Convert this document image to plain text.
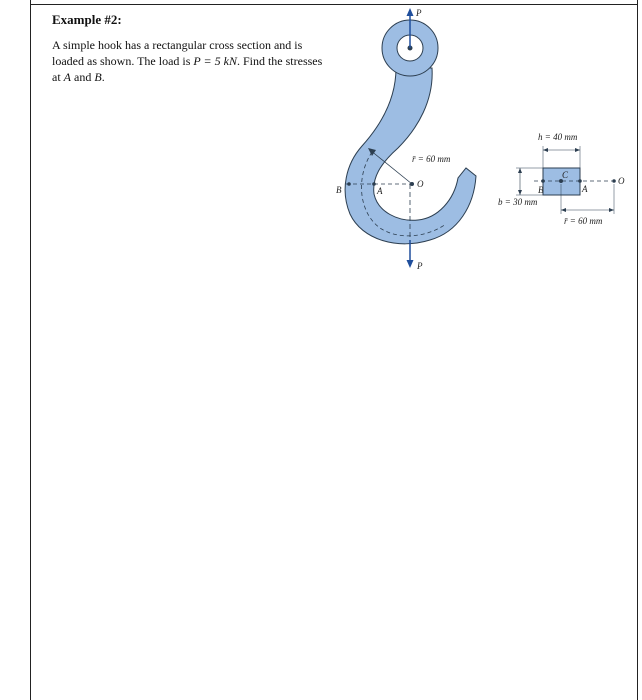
Example #2:
A simple hook has a rectangular cross section and is loaded as shown. The load is P = 5 kN. Find the stresses at A and B.
P
P
r̄ = 60 mm
O
B	A
h = 40 mm
C
B	A
O
b = 30 mm
r̄ = 60 mm
